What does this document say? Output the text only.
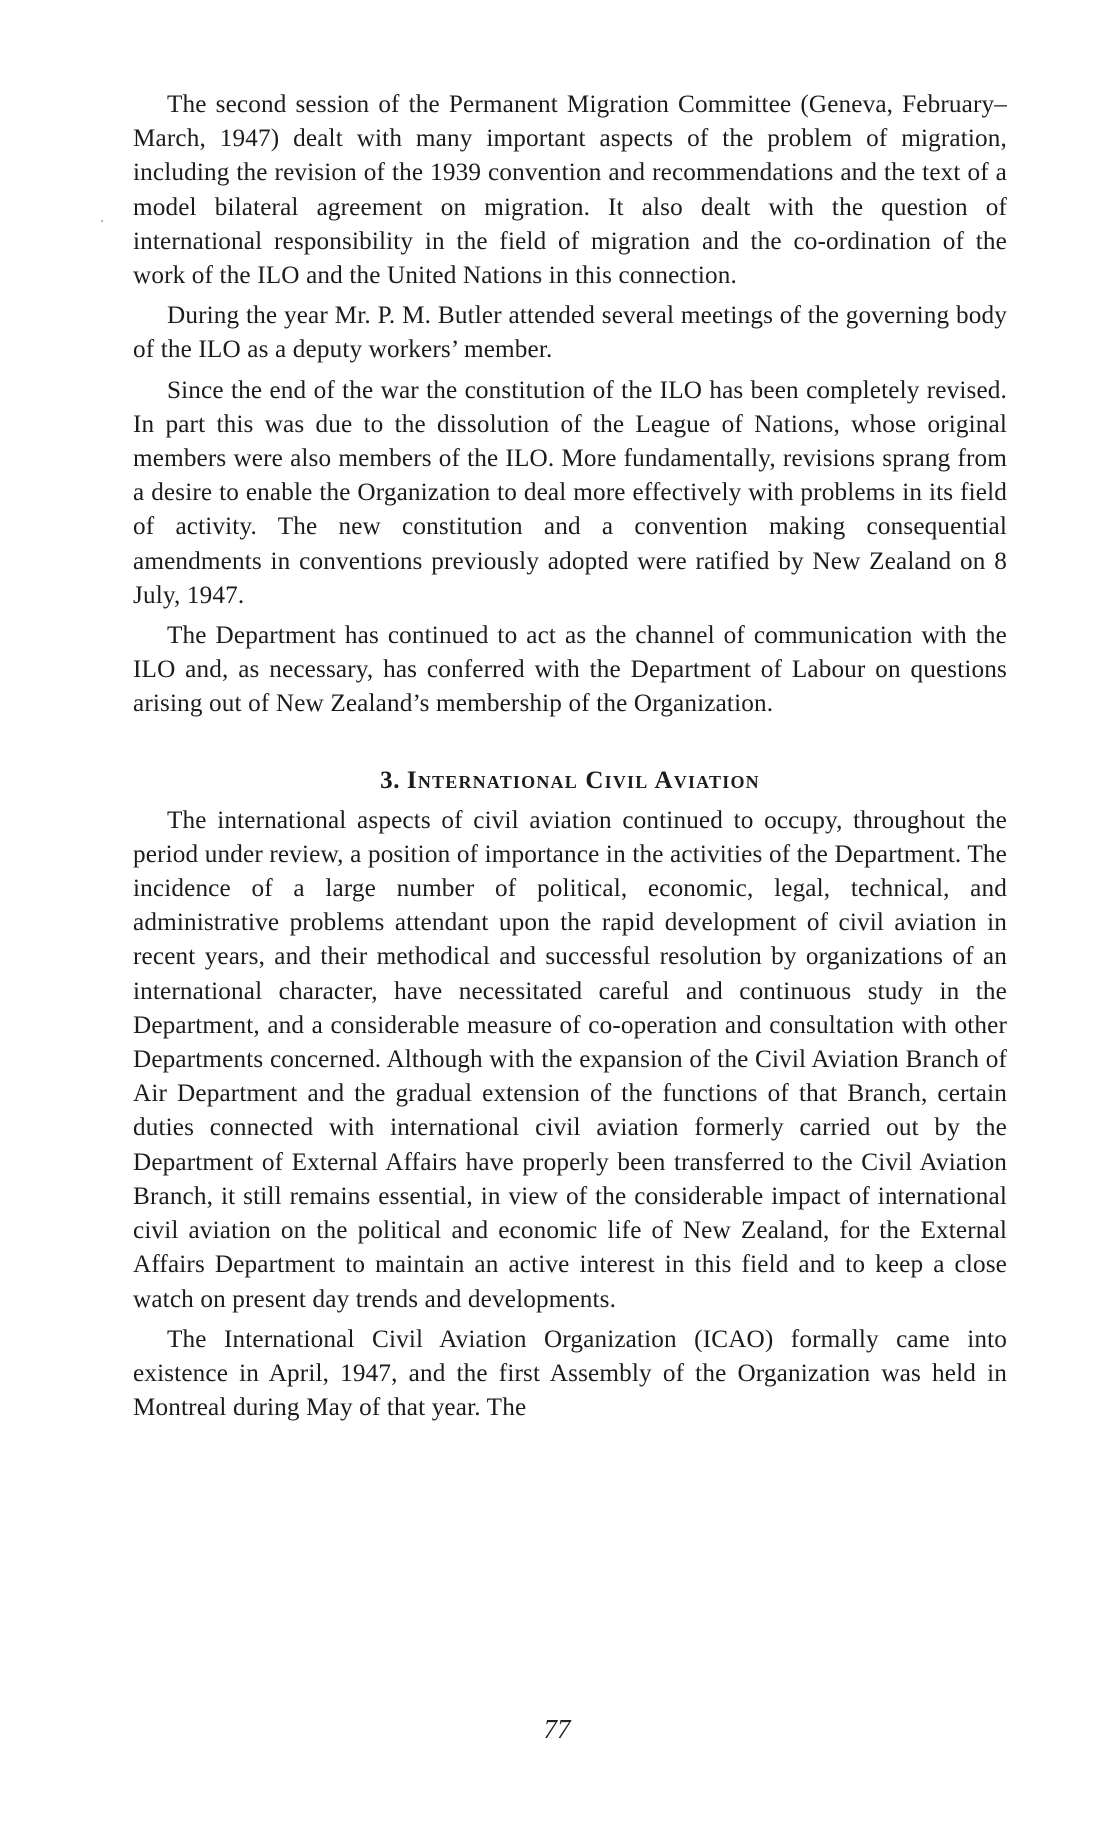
The second session of the Permanent Migration Committee (Geneva, February–March, 1947) dealt with many important aspects of the problem of migration, including the revision of the 1939 convention and recommendations and the text of a model bilateral agreement on migration. It also dealt with the question of international responsibility in the field of migration and the co-ordination of the work of the ILO and the United Nations in this connection.

During the year Mr. P. M. Butler attended several meetings of the governing body of the ILO as a deputy workers’ member.

Since the end of the war the constitution of the ILO has been completely revised. In part this was due to the dissolution of the League of Nations, whose original members were also members of the ILO. More fundamentally, revisions sprang from a desire to enable the Organization to deal more effectively with problems in its field of activity. The new constitution and a convention making consequential amendments in conventions previously adopted were ratified by New Zealand on 8 July, 1947.

The Department has continued to act as the channel of communication with the ILO and, as necessary, has conferred with the Department of Labour on questions arising out of New Zealand’s membership of the Organization.

3. International Civil Aviation

The international aspects of civil aviation continued to occupy, throughout the period under review, a position of importance in the activities of the Department. The incidence of a large number of political, economic, legal, technical, and administrative problems attendant upon the rapid development of civil aviation in recent years, and their methodical and successful resolution by organizations of an international character, have necessitated careful and continuous study in the Department, and a considerable measure of co-operation and consultation with other Departments concerned. Although with the expansion of the Civil Aviation Branch of Air Department and the gradual extension of the functions of that Branch, certain duties connected with international civil aviation formerly carried out by the Department of External Affairs have properly been transferred to the Civil Aviation Branch, it still remains essential, in view of the considerable impact of international civil aviation on the political and economic life of New Zealand, for the External Affairs Department to maintain an active interest in this field and to keep a close watch on present day trends and developments.

The International Civil Aviation Organization (ICAO) formally came into existence in April, 1947, and the first Assembly of the Organization was held in Montreal during May of that year. The

77
